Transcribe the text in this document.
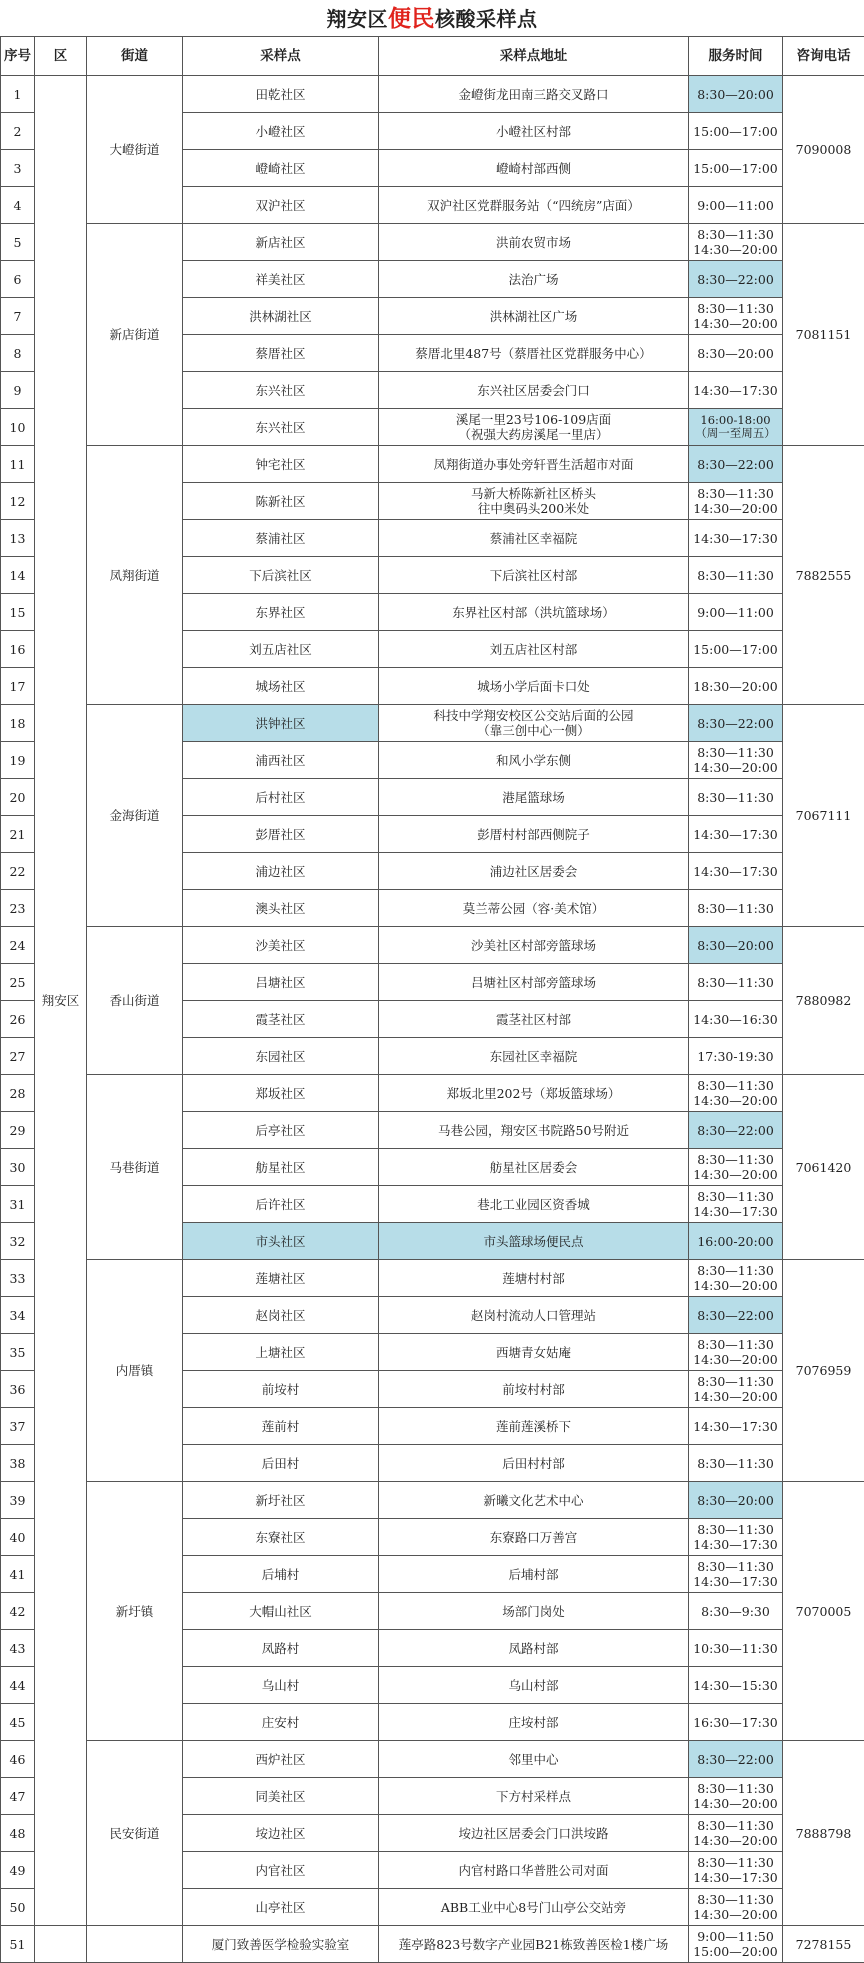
翔安区便民核酸采样点
序号	区	街道	采样点	采样点地址	服务时间	咨询电话
1	翔安区	大嶝街道	田乾社区	金嶝街龙田南三路交叉路口	8:30—20:00	7090008
2			小嶝社区	小嶝社区村部	15:00—17:00	

3			嶝崎社区	嶝崎村部西侧	15:00—17:00	

4			双沪社区	双沪社区党群服务站（“四统房”店面）	9:00—11:00	

5		新店街道	新店社区	洪前农贸市场	8:30—11:30
14:30—20:00	7081151
6			祥美社区	法治广场	8:30—22:00	

7			洪林湖社区	洪林湖社区广场	8:30—11:30
14:30—20:00	

8			蔡厝社区	蔡厝北里487号（蔡厝社区党群服务中心）	8:30—20:00	

9			东兴社区	东兴社区居委会门口	14:30—17:30	

10			东兴社区	溪尾一里23号106-109店面
（祝强大药房溪尾一里店）	16:00-18:00
（周一至周五）	

11		凤翔街道	钟宅社区	凤翔街道办事处旁轩晋生活超市对面	8:30—22:00	7882555
12			陈新社区	马新大桥陈新社区桥头
往中奥码头200米处	8:30—11:30
14:30—20:00	

13			蔡浦社区	蔡浦社区幸福院	14:30—17:30	

14			下后滨社区	下后滨社区村部	8:30—11:30	

15			东界社区	东界社区村部（洪坑篮球场）	9:00—11:00	

16			刘五店社区	刘五店社区村部	15:00—17:00	

17			城场社区	城场小学后面卡口处	18:30—20:00	

18		金海街道	洪钟社区	科技中学翔安校区公交站后面的公园
（靠三创中心一侧）	8:30—22:00	7067111
19			浦西社区	和风小学东侧	8:30—11:30
14:30—20:00	

20			后村社区	港尾篮球场	8:30—11:30	

21			彭厝社区	彭厝村村部西侧院子	14:30—17:30	

22			浦边社区	浦边社区居委会	14:30—17:30	

23			澳头社区	莫兰蒂公园（容·美术馆）	8:30—11:30	

24		香山街道	沙美社区	沙美社区村部旁篮球场	8:30—20:00	7880982
25			吕塘社区	吕塘社区村部旁篮球场	8:30—11:30	

26			霞茎社区	霞茎社区村部	14:30—16:30	

27			东园社区	东园社区幸福院	17:30-19:30	

28		马巷街道	郑坂社区	郑坂北里202号（郑坂篮球场）	8:30—11:30
14:30—20:00	7061420
29			后亭社区	马巷公园，翔安区书院路50号附近	8:30—22:00	

30			舫星社区	舫星社区居委会	8:30—11:30
14:30—20:00	

31			后许社区	巷北工业园区资香城	8:30—11:30
14:30—17:30	

32			市头社区	市头篮球场便民点	16:00-20:00	

33		内厝镇	莲塘社区	莲塘村村部	8:30—11:30
14:30—20:00	7076959
34			赵岗社区	赵岗村流动人口管理站	8:30—22:00	

35			上塘社区	西塘青女姑庵	8:30—11:30
14:30—20:00	

36			前垵村	前垵村村部	8:30—11:30
14:30—20:00	

37			莲前村	莲前莲溪桥下	14:30—17:30	

38			后田村	后田村村部	8:30—11:30	

39		新圩镇	新圩社区	新曦文化艺术中心	8:30—20:00	7070005
40			东寮社区	东寮路口万善宫	8:30—11:30
14:30—17:30	

41			后埔村	后埔村部	8:30—11:30
14:30—17:30	

42			大帽山社区	场部门岗处	8:30—9:30	

43			凤路村	凤路村部	10:30—11:30	

44			乌山村	乌山村部	14:30—15:30	

45			庄安村	庄垵村部	16:30—17:30	

46		民安街道	西炉社区	邻里中心	8:30—22:00	7888798
47			同美社区	下方村采样点	8:30—11:30
14:30—20:00	

48			垵边社区	垵边社区居委会门口洪垵路	8:30—11:30
14:30—20:00	

49			内官社区	内官村路口华普胜公司对面	8:30—11:30
14:30—17:30	

50			山亭社区	ABB工业中心8号门山亭公交站旁	8:30—11:30
14:30—20:00	

51			厦门致善医学检验实验室	莲亭路823号数字产业园B21栋致善医检1楼广场	9:00—11:50
15:00—20:00	7278155
